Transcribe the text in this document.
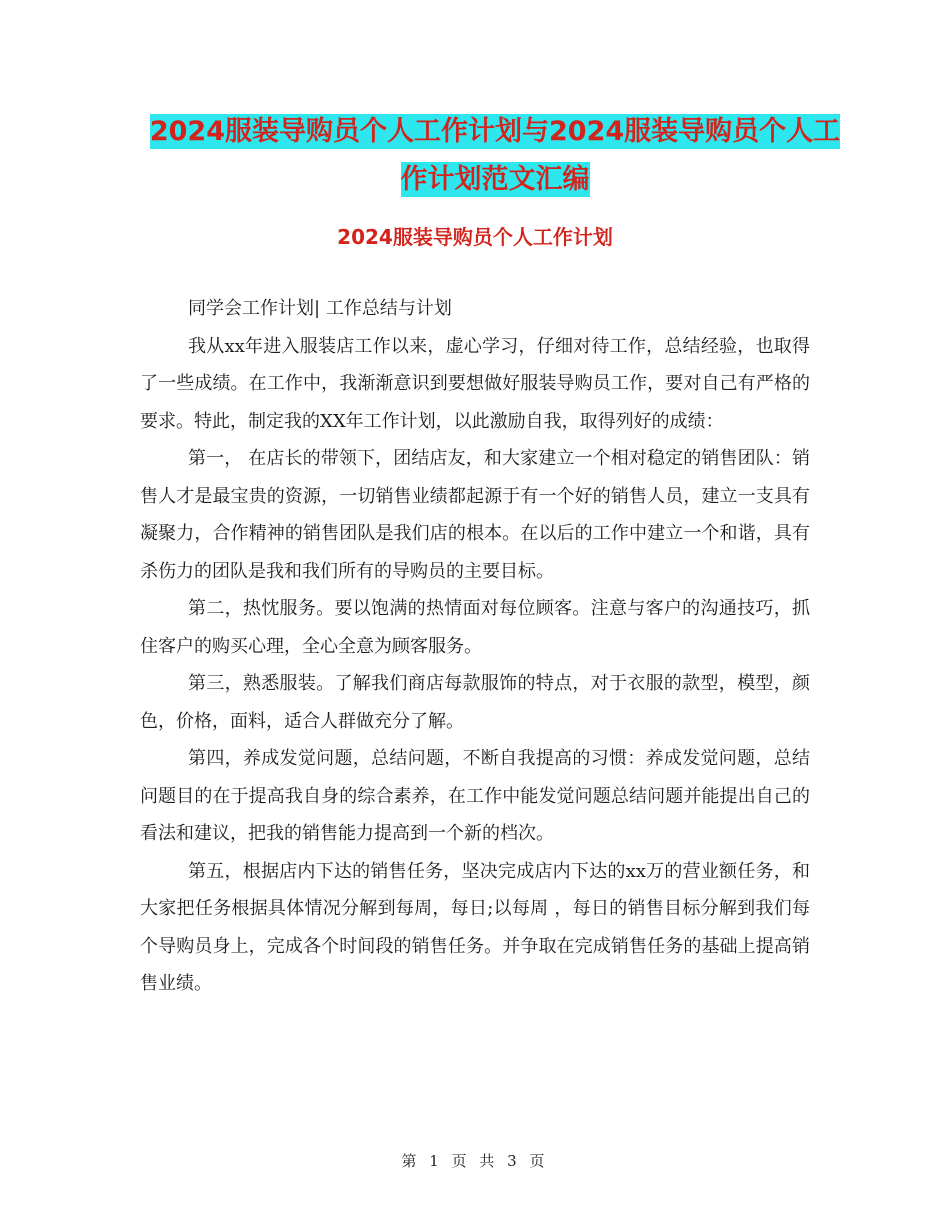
2024服装导购员个人工作计划与2024服装导购员个人工作计划范文汇编
2024服装导购员个人工作计划

同学会工作计划| 工作总结与计划

我从xx年进入服装店工作以来，虚心学习，仔细对待工作，总结经验，也取得了一些成绩。在工作中，我渐渐意识到要想做好服装导购员工作，要对自己有严格的要求。特此，制定我的XX年工作计划，以此激励自我，取得列好的成绩：

第一， 在店长的带领下，团结店友，和大家建立一个相对稳定的销售团队：销售人才是最宝贵的资源，一切销售业绩都起源于有一个好的销售人员，建立一支具有凝聚力，合作精神的销售团队是我们店的根本。在以后的工作中建立一个和谐，具有杀伤力的团队是我和我们所有的导购员的主要目标。

第二，热忱服务。要以饱满的热情面对每位顾客。注意与客户的沟通技巧，抓住客户的购买心理，全心全意为顾客服务。

第三，熟悉服装。了解我们商店每款服饰的特点，对于衣服的款型，模型，颜色，价格，面料，适合人群做充分了解。

第四，养成发觉问题，总结问题，不断自我提高的习惯：养成发觉问题，总结问题目的在于提高我自身的综合素养，在工作中能发觉问题总结问题并能提出自己的看法和建议，把我的销售能力提高到一个新的档次。

第五，根据店内下达的销售任务，坚决完成店内下达的xx万的营业额任务，和大家把任务根据具体情况分解到每周，每日;以每周 ，每日的销售目标分解到我们每个导购员身上，完成各个时间段的销售任务。并争取在完成销售任务的基础上提高销售业绩。

第 1 页 共 3 页
